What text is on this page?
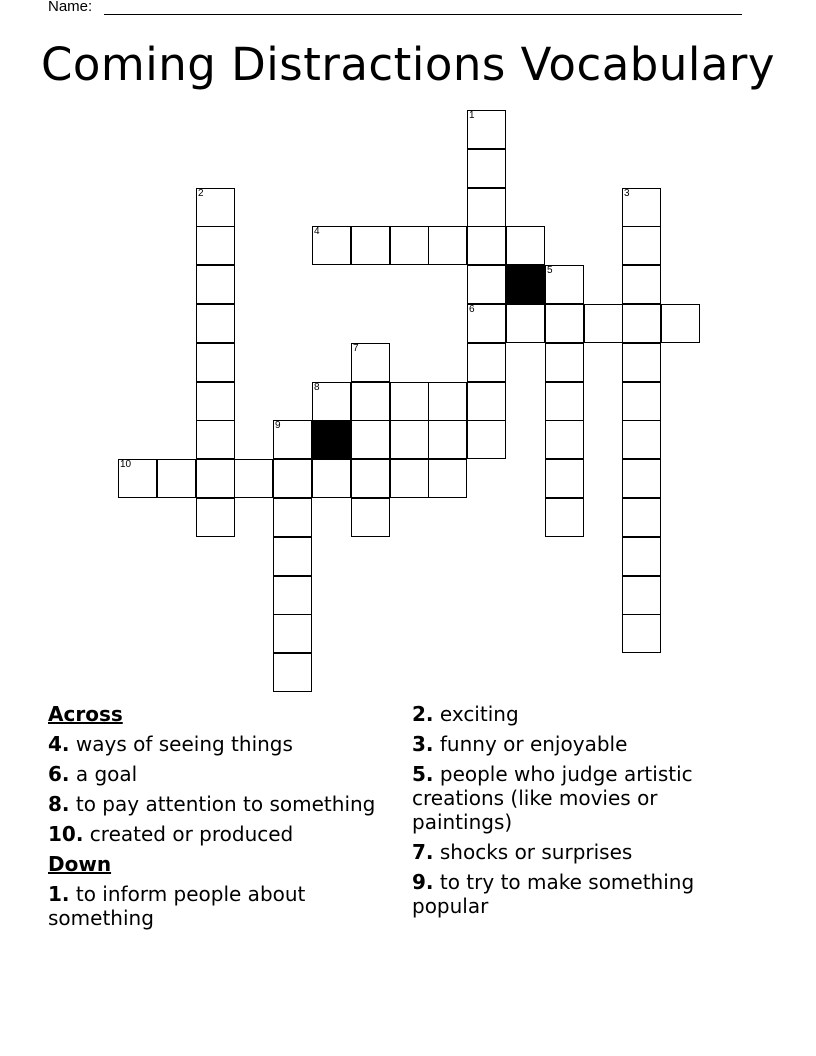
Name:
Coming Distractions Vocabulary
1
2	3
4
5
6
7
8
9
10
Across
4. ways of seeing things
6. a goal
8. to pay attention to something
10. created or produced
Down
1. to inform people about something
2. exciting
3. funny or enjoyable
5. people who judge artistic creations (like movies or paintings)
7. shocks or surprises
9. to try to make something popular
